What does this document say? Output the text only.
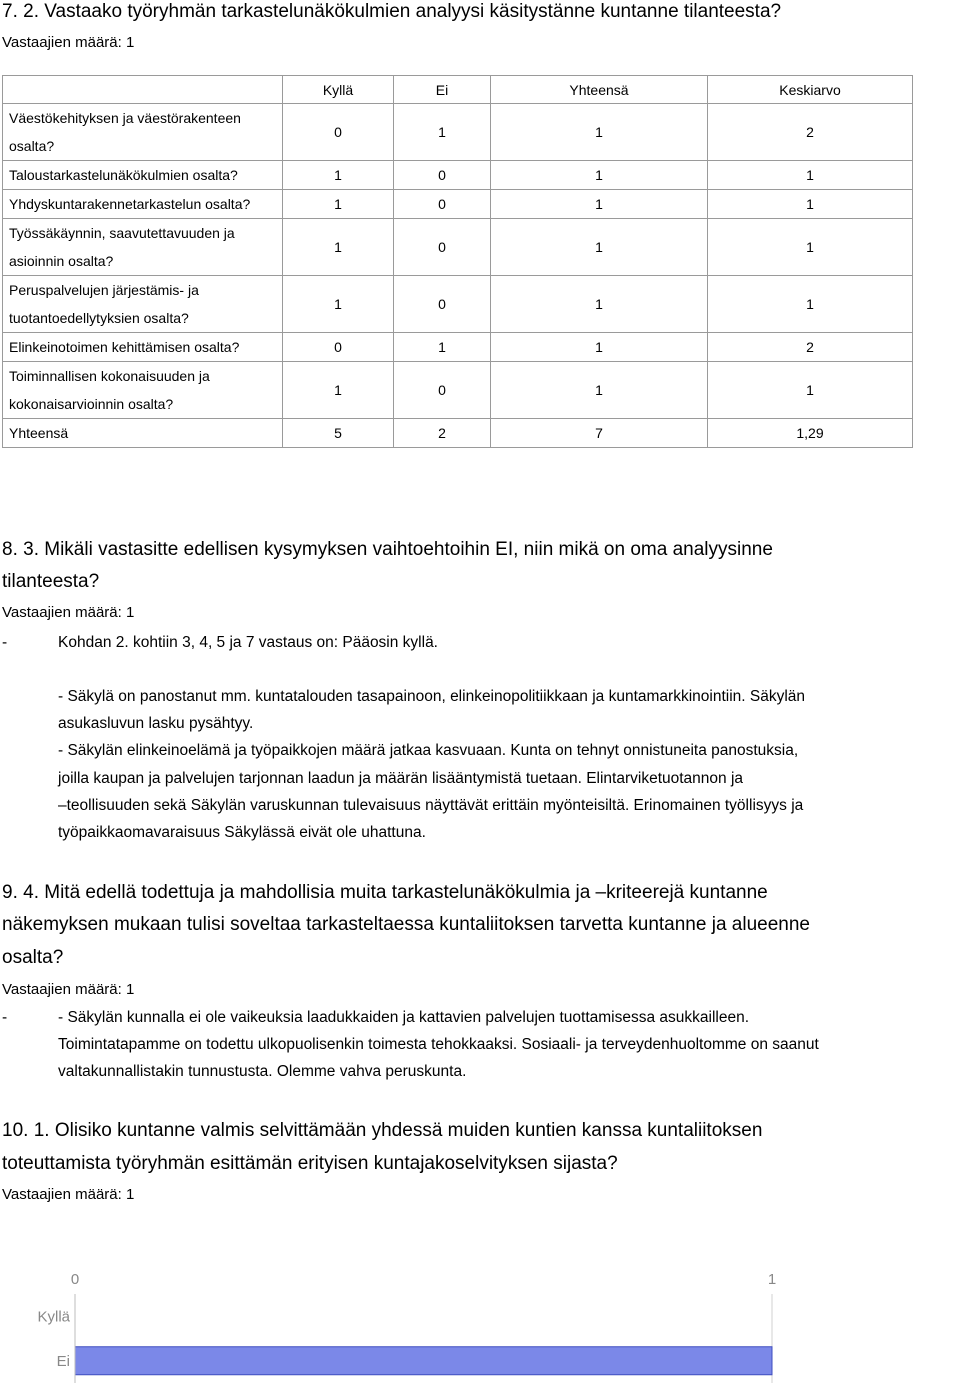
7. 2. Vastaako työryhmän tarkastelunäkökulmien analyysi käsitystänne kuntanne tilanteesta?
Vastaajien määrä: 1
	Kyllä	Ei	Yhteensä	Keskiarvo
Väestökehityksen ja väestörakenteen
osalta?	0	1	1	2
Taloustarkastelunäkökulmien osalta?	1	0	1	1
Yhdyskuntarakennetarkastelun osalta?	1	0	1	1
Työssäkäynnin, saavutettavuuden ja
asioinnin osalta?	1	0	1	1
Peruspalvelujen järjestämis- ja
tuotantoedellytyksien osalta?	1	0	1	1
Elinkeinotoimen kehittämisen osalta?	0	1	1	2
Toiminnallisen kokonaisuuden ja
kokonaisarvioinnin osalta?	1	0	1	1
Yhteensä	5	2	7	1,29
8. 3. Mikäli vastasitte edellisen kysymyksen vaihtoehtoihin EI, niin mikä on oma analyysinne
tilanteesta?
Vastaajien määrä: 1
-	Kohdan 2. kohtiin 3, 4, 5 ja 7 vastaus on: Pääosin kyllä.
- Säkylä on panostanut mm. kuntatalouden tasapainoon, elinkeinopolitiikkaan ja kuntamarkkinointiin. Säkylän
asukasluvun lasku pysähtyy.
- Säkylän elinkeinoelämä ja työpaikkojen määrä jatkaa kasvuaan. Kunta on tehnyt onnistuneita panostuksia,
joilla kaupan ja palvelujen tarjonnan laadun ja määrän lisääntymistä tuetaan. Elintarviketuotannon ja
–teollisuuden sekä Säkylän varuskunnan tulevaisuus näyttävät erittäin myönteisiltä. Erinomainen työllisyys ja
työpaikkaomavaraisuus Säkylässä eivät ole uhattuna.
9. 4. Mitä edellä todettuja ja mahdollisia muita tarkastelunäkökulmia ja –kriteerejä kuntanne
näkemyksen mukaan tulisi soveltaa tarkasteltaessa kuntaliitoksen tarvetta kuntanne ja alueenne
osalta?
Vastaajien määrä: 1
-	- Säkylän kunnalla ei ole vaikeuksia laadukkaiden ja kattavien palvelujen tuottamisessa asukkailleen.
Toimintatapamme on todettu ulkopuolisenkin toimesta tehokkaaksi. Sosiaali- ja terveydenhuoltomme on saanut
valtakunnallistakin tunnustusta. Olemme vahva peruskunta.
10. 1. Olisiko kuntanne valmis selvittämään yhdessä muiden kuntien kanssa kuntaliitoksen
toteuttamista työryhmän esittämän erityisen kuntajakoselvityksen sijasta?
Vastaajien määrä: 1
0	1
Kyllä
Ei
